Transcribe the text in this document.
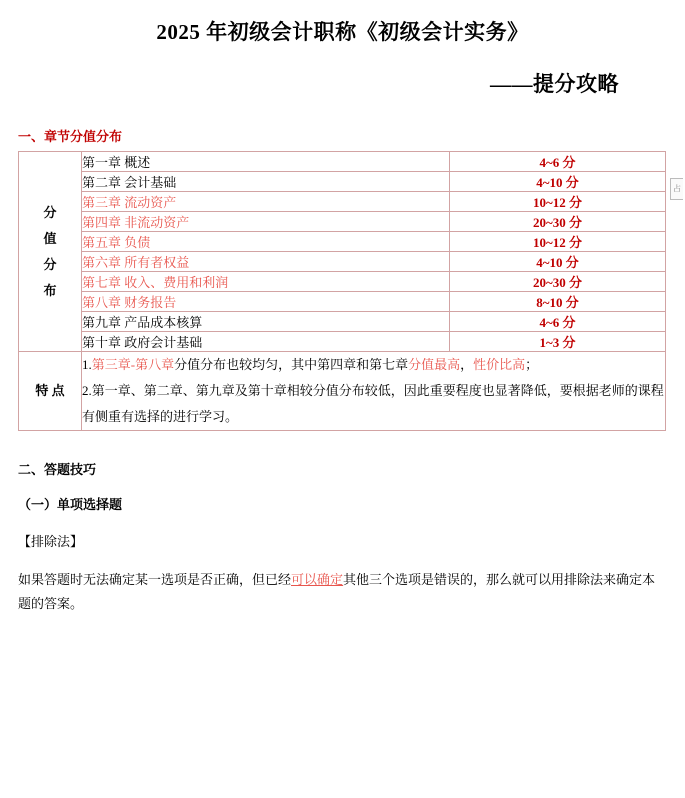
2025 年初级会计职称《初级会计实务》
——提分攻略
一、章节分值分布
分
值
分
布	第一章 概述	4~6 分
	第二章 会计基础	4~10 分
	第三章 流动资产	10~12 分
	第四章 非流动资产	20~30 分
	第五章 负债	10~12 分
	第六章 所有者权益	4~10 分
	第七章 收入、费用和利润	20~30 分
	第八章 财务报告	8~10 分
	第九章 产品成本核算	4~6 分
	第十章 政府会计基础	1~3 分
特 点	1.第三章-第八章分值分布也较均匀，其中第四章和第七章分值最高，性价比高；
2.第一章、第二章、第九章及第十章相较分值分布较低，因此重要程度也显著降低，要根据老师的课程有侧重有选择的进行学习。	
二、答题技巧
（一）单项选择题
【排除法】
如果答题时无法确定某一选项是否正确，但已经可以确定其他三个选项是错误的，那么就可以用排除法来确定本题的答案。
占
